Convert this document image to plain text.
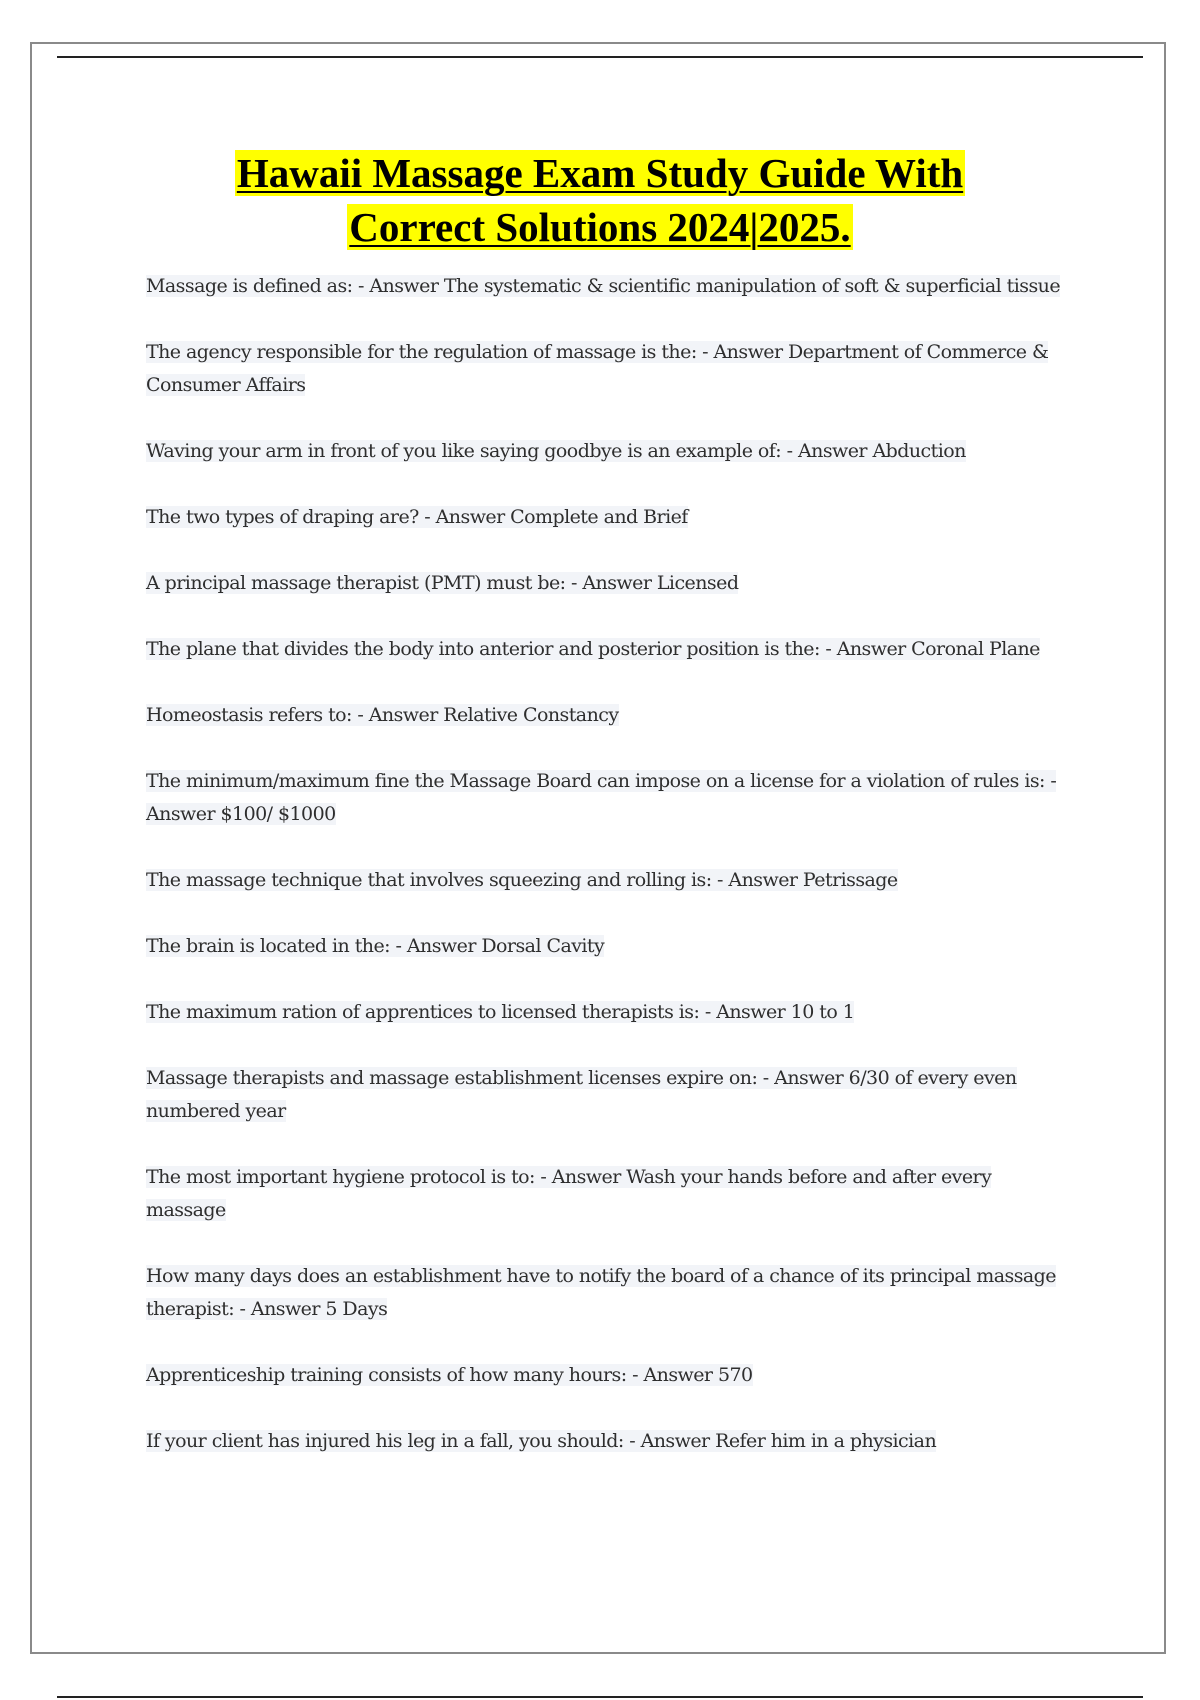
Hawaii Massage Exam Study Guide With
Correct Solutions 2024|2025.
Massage is defined as: - Answer The systematic & scientific manipulation of soft & superficial tissue
The agency responsible for the regulation of massage is the: - Answer Department of Commerce & Consumer Affairs
Waving your arm in front of you like saying goodbye is an example of: - Answer Abduction
The two types of draping are? - Answer Complete and Brief
A principal massage therapist (PMT) must be: - Answer Licensed
The plane that divides the body into anterior and posterior position is the: - Answer Coronal Plane
Homeostasis refers to: - Answer Relative Constancy
The minimum/maximum fine the Massage Board can impose on a license for a violation of rules is: - Answer $100/ $1000
The massage technique that involves squeezing and rolling is: - Answer Petrissage
The brain is located in the: - Answer Dorsal Cavity
The maximum ration of apprentices to licensed therapists is: - Answer 10 to 1
Massage therapists and massage establishment licenses expire on: - Answer 6/30 of every even numbered year
The most important hygiene protocol is to: - Answer Wash your hands before and after every massage
How many days does an establishment have to notify the board of a chance of its principal massage therapist: - Answer 5 Days
Apprenticeship training consists of how many hours: - Answer 570
If your client has injured his leg in a fall, you should: - Answer Refer him in a physician
